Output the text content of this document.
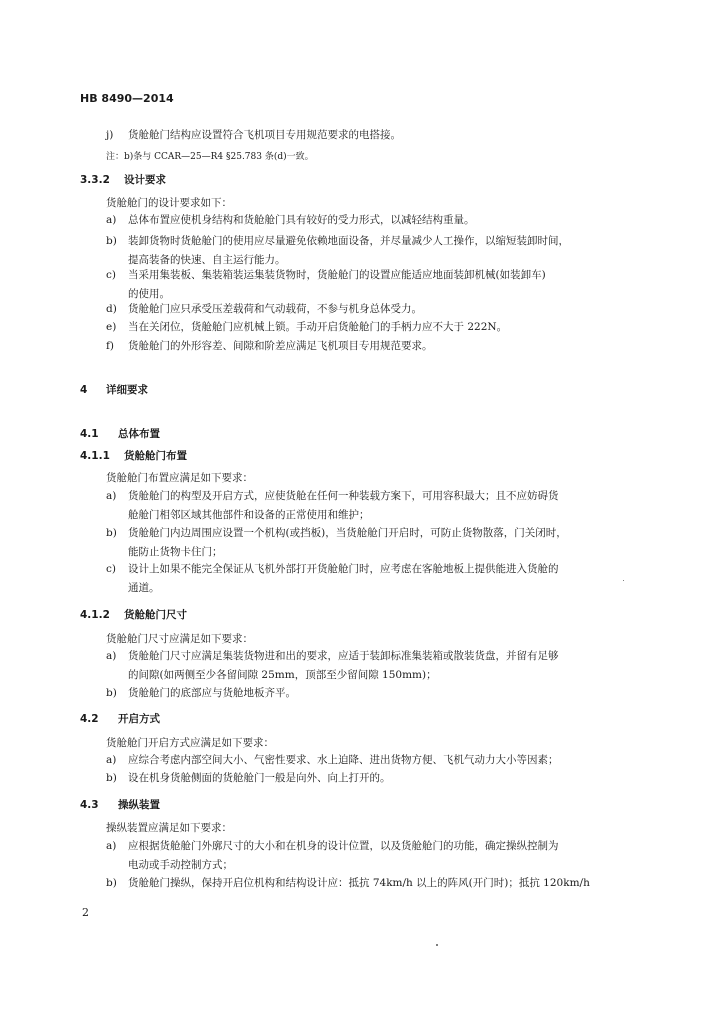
HB 8490—2014
j) 货舱舱门结构应设置符合飞机项目专用规范要求的电搭接。
注：b)条与 CCAR—25—R4 §25.783 条(d)一致。
3.3.2 设计要求
货舱舱门的设计要求如下：
a) 总体布置应使机身结构和货舱舱门具有较好的受力形式，以减轻结构重量。
b) 装卸货物时货舱舱门的使用应尽量避免依赖地面设备，并尽量减少人工操作，以缩短装卸时间，
提高装备的快速、自主运行能力。
c) 当采用集装板、集装箱装运集装货物时，货舱舱门的设置应能适应地面装卸机械(如装卸车)
的使用。
d) 货舱舱门应只承受压差载荷和气动载荷，不参与机身总体受力。
e) 当在关闭位，货舱舱门应机械上锁。手动开启货舱舱门的手柄力应不大于 222N。
f) 货舱舱门的外形容差、间隙和阶差应满足飞机项目专用规范要求。
4 详细要求
4.1 总体布置
4.1.1 货舱舱门布置
货舱舱门布置应满足如下要求：
a) 货舱舱门的构型及开启方式，应使货舱在任何一种装载方案下，可用容积最大；且不应妨碍货
舱舱门相邻区域其他部件和设备的正常使用和维护；
b) 货舱舱门内边周围应设置一个机构(或挡板)，当货舱舱门开启时，可防止货物散落，门关闭时，
能防止货物卡住门；
c) 设计上如果不能完全保证从飞机外部打开货舱舱门时，应考虑在客舱地板上提供能进入货舱的
通道。
4.1.2 货舱舱门尺寸
货舱舱门尺寸应满足如下要求：
a) 货舱舱门尺寸应满足集装货物进和出的要求，应适于装卸标准集装箱或散装货盘，并留有足够
的间隙(如两侧至少各留间隙 25mm，顶部至少留间隙 150mm)；
b) 货舱舱门的底部应与货舱地板齐平。
4.2 开启方式
货舱舱门开启方式应满足如下要求：
a) 应综合考虑内部空间大小、气密性要求、水上迫降、进出货物方便、飞机气动力大小等因素；
b) 设在机身货舱侧面的货舱舱门一般是向外、向上打开的。
4.3 操纵装置
操纵装置应满足如下要求：
a) 应根据货舱舱门外廓尺寸的大小和在机身的设计位置，以及货舱舱门的功能，确定操纵控制为
电动或手动控制方式；
b) 货舱舱门操纵，保持开启位机构和结构设计应：抵抗 74km/h 以上的阵风(开门时)；抵抗 120km/h
2
